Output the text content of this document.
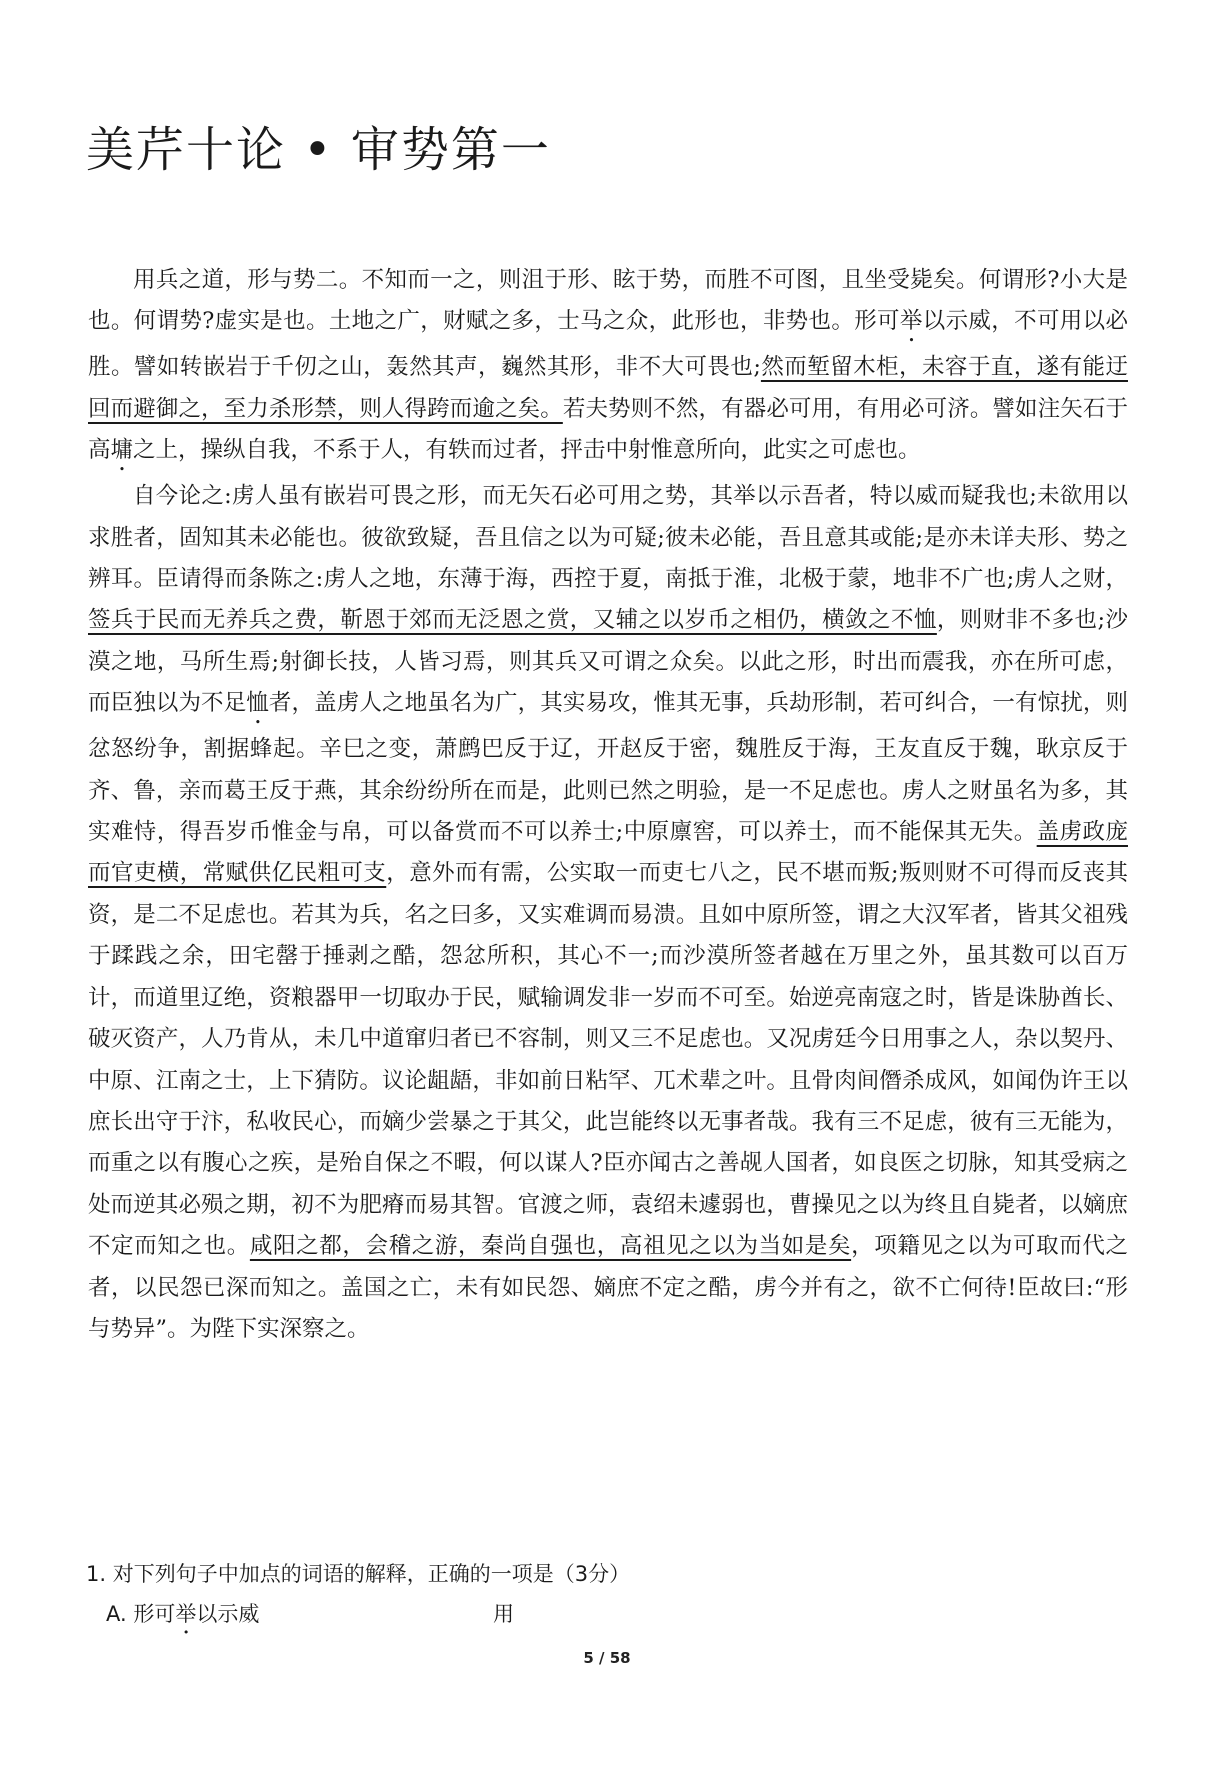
美芹十论 • 审势第一

用兵之道，形与势二。不知而一之，则沮于形、眩于势，而胜不可图，且坐受毙矣。何谓形?小大是也。何谓势?虚实是也。土地之广，财赋之多，士马之众，此形也，非势也。形可举以示威，不可用以必胜。譬如转嵌岩于千仞之山，轰然其声，巍然其形，非不大可畏也;然而堑留木柜，未容于直，遂有能迂回而避御之，至力杀形禁，则人得跨而逾之矣。若夫势则不然，有器必可用，有用必可济。譬如注矢石于高墉之上，操纵自我，不系于人，有轶而过者，抨击中射惟意所向，此实之可虑也。

自今论之:虏人虽有嵌岩可畏之形，而无矢石必可用之势，其举以示吾者，特以威而疑我也;未欲用以求胜者，固知其未必能也。彼欲致疑，吾且信之以为可疑;彼未必能，吾且意其或能;是亦未详夫形、势之辨耳。臣请得而条陈之:虏人之地，东薄于海，西控于夏，南抵于淮，北极于蒙，地非不广也;虏人之财，签兵于民而无养兵之费，靳恩于郊而无泛恩之赏，又辅之以岁币之相仍，横敛之不恤，则财非不多也;沙漠之地，马所生焉;射御长技，人皆习焉，则其兵又可谓之众矣。以此之形，时出而震我，亦在所可虑，而臣独以为不足恤者，盖虏人之地虽名为广，其实易攻，惟其无事，兵劫形制，若可纠合，一有惊扰，则忿怒纷争，割据蜂起。辛巳之变，萧鹧巴反于辽，开赵反于密，魏胜反于海，王友直反于魏，耿京反于齐、鲁，亲而葛王反于燕，其余纷纷所在而是，此则已然之明验，是一不足虑也。虏人之财虽名为多，其实难恃，得吾岁币惟金与帛，可以备赏而不可以养士;中原廪窖，可以养士，而不能保其无失。盖虏政庞而官吏横，常赋供亿民粗可支，意外而有需，公实取一而吏七八之，民不堪而叛;叛则财不可得而反丧其资，是二不足虑也。若其为兵，名之曰多，又实难调而易溃。且如中原所签，谓之大汉军者，皆其父祖残于蹂践之余，田宅罄于捶剥之酷，怨忿所积，其心不一;而沙漠所签者越在万里之外，虽其数可以百万计，而道里辽绝，资粮器甲一切取办于民，赋输调发非一岁而不可至。始逆亮南寇之时，皆是诛胁酋长、破灭资产，人乃肯从，未几中道窜归者已不容制，则又三不足虑也。又况虏廷今日用事之人，杂以契丹、中原、江南之士，上下猜防。议论龃龉，非如前日粘罕、兀术辈之叶。且骨肉间僭杀成风，如闻伪许王以庶长出守于汴，私收民心，而嫡少尝暴之于其父，此岂能终以无事者哉。我有三不足虑，彼有三无能为，而重之以有腹心之疾，是殆自保之不暇，何以谋人?臣亦闻古之善觇人国者，如良医之切脉，知其受病之处而逆其必殒之期，初不为肥瘠而易其智。官渡之师，袁绍未遽弱也，曹操见之以为终且自毙者，以嫡庶不定而知之也。咸阳之都，会稽之游，秦尚自强也，高祖见之以为当如是矣，项籍见之以为可取而代之者，以民怨已深而知之。盖国之亡，未有如民怨、嫡庶不定之酷，虏今并有之，欲不亡何待!臣故曰:“形与势异”。为陛下实深察之。

1. 对下列句子中加点的词语的解释，正确的一项是（3分）

A. 形可举以示威	用
5 / 58
